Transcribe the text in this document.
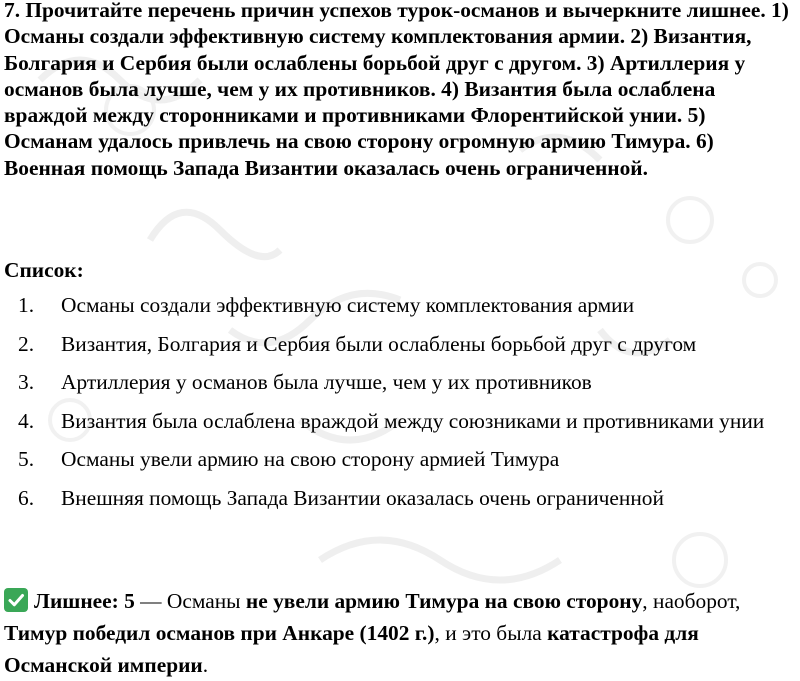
7. Прочитайте перечень причин успехов турок-османов и вычеркните лишнее. 1) Османы создали эффективную систему комплектования армии. 2) Византия, Болгария и Сербия были ослаблены борьбой друг с другом. 3) Артиллерия у османов была лучше, чем у их противников. 4) Византия была ослаблена враждой между сторонниками и противниками Флорентийской унии. 5) Османам удалось привлечь на свою сторону огромную армию Тимура. 6) Военная помощь Запада Византии оказалась очень ограниченной.

Список:

1. Османы создали эффективную систему комплектования армии
2. Византия, Болгария и Сербия были ослаблены борьбой друг с другом
3. Артиллерия у османов была лучше, чем у их противников
4. Византия была ослаблена враждой между союзниками и противниками унии
5. Османы увели армию на свою сторону армией Тимура
6. Внешняя помощь Запада Византии оказалась очень ограниченной

Лишнее: 5 — Османы не увели армию Тимура на свою сторону, наоборот, Тимур победил османов при Анкаре (1402 г.), и это была катастрофа для Османской империи.
